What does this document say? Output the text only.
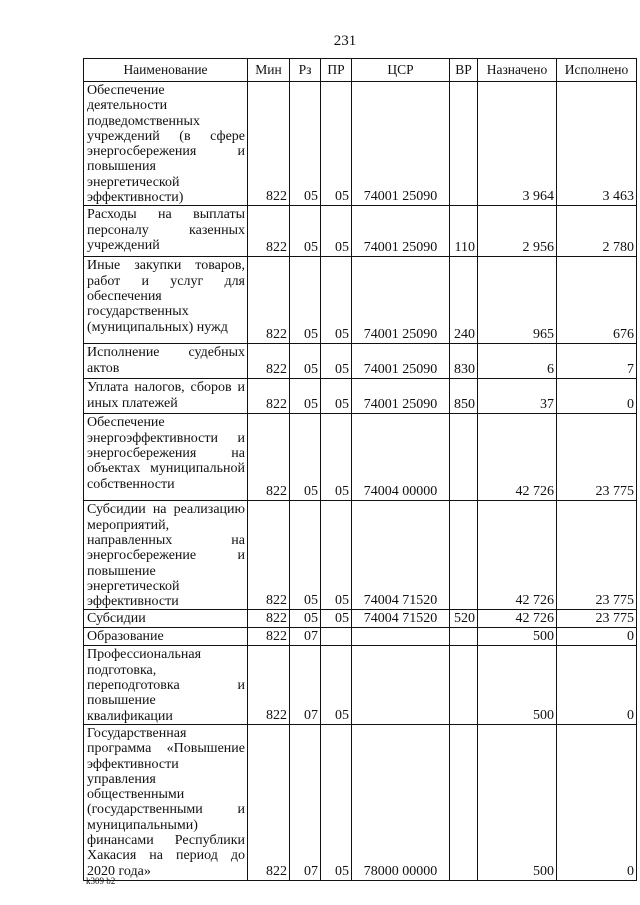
231
Наименование	Мин	Рз	ПР	ЦСР	ВР	Назначено	Исполнено
Обеспечение деятельности подведомственных учреждений (в сфере энергосбережения и повышения энергетической эффективности)	822	05	05	74001 25090		3 964	3 463
Расходы на выплаты персоналу казенных учреждений	822	05	05	74001 25090	110	2 956	2 780
Иные закупки товаров, работ и услуг для обеспечения государственных (муниципальных) нужд	822	05	05	74001 25090	240	965	676
Исполнение судебных актов	822	05	05	74001 25090	830	6	7
Уплата налогов, сборов и иных платежей	822	05	05	74001 25090	850	37	0
Обеспечение энергоэффективности и энергосбережения на объектах муниципальной собственности	822	05	05	74004 00000		42 726	23 775
Субсидии на реализацию мероприятий, направленных на энергосбережение и повышение энергетической эффективности	822	05	05	74004 71520		42 726	23 775
Субсидии	822	05	05	74004 71520	520	42 726	23 775
Образование	822	07				500	0
Профессиональная подготовка, переподготовка и повышение квалификации	822	07	05			500	0
Государственная программа «Повышение эффективности управления общественными (государственными и муниципальными) финансами Республики Хакасия на период до 2020 года»	822	07	05	78000 00000		500	0
k309 b2
